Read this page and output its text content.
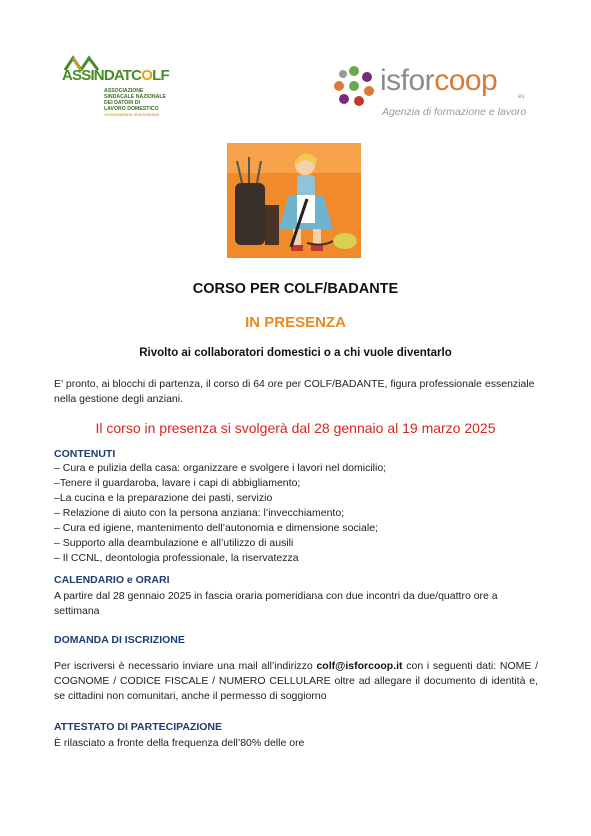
ASSINDATCOLF
ASSOCIAZIONE
SINDACALE NAZIONALE
DEI DATORI DI
LAVORO DOMESTICO
Associazione riconosciuta
isforcoop	es
Agenzia di formazione e lavoro
CORSO PER COLF/BADANTE
IN PRESENZA
Rivolto ai collaboratori domestici o a chi vuole diventarlo
E’ pronto, ai blocchi di partenza, il corso di 64 ore per COLF/BADANTE, figura professionale essenziale nella gestione degli anziani.
Il corso in presenza si svolgerà dal 28 gennaio al 19 marzo 2025
CONTENUTI
– Cura e pulizia della casa: organizzare e svolgere i lavori nel domicilio;
–Tenere il guardaroba, lavare i capi di abbigliamento;
–La cucina e la preparazione dei pasti, servizio
– Relazione di aiuto con la persona anziana: l’invecchiamento;
– Cura ed igiene, mantenimento dell’autonomia e dimensione sociale;
– Supporto alla deambulazione e all’utilizzo di ausili
– Il CCNL, deontologia professionale, la riservatezza
CALENDARIO e ORARI
A partire dal 28 gennaio 2025 in fascia oraria pomeridiana con due incontri da due/quattro ore a settimana
DOMANDA DI ISCRIZIONE
Per iscriversi è necessario inviare una mail all’indirizzo colf@isforcoop.it con i seguenti dati: NOME / COGNOME / CODICE FISCALE / NUMERO CELLULARE oltre ad allegare il documento di identità e, se cittadini non comunitari, anche il permesso di soggiorno
ATTESTATO DI PARTECIPAZIONE
È rilasciato a fronte della frequenza dell’80% delle ore
